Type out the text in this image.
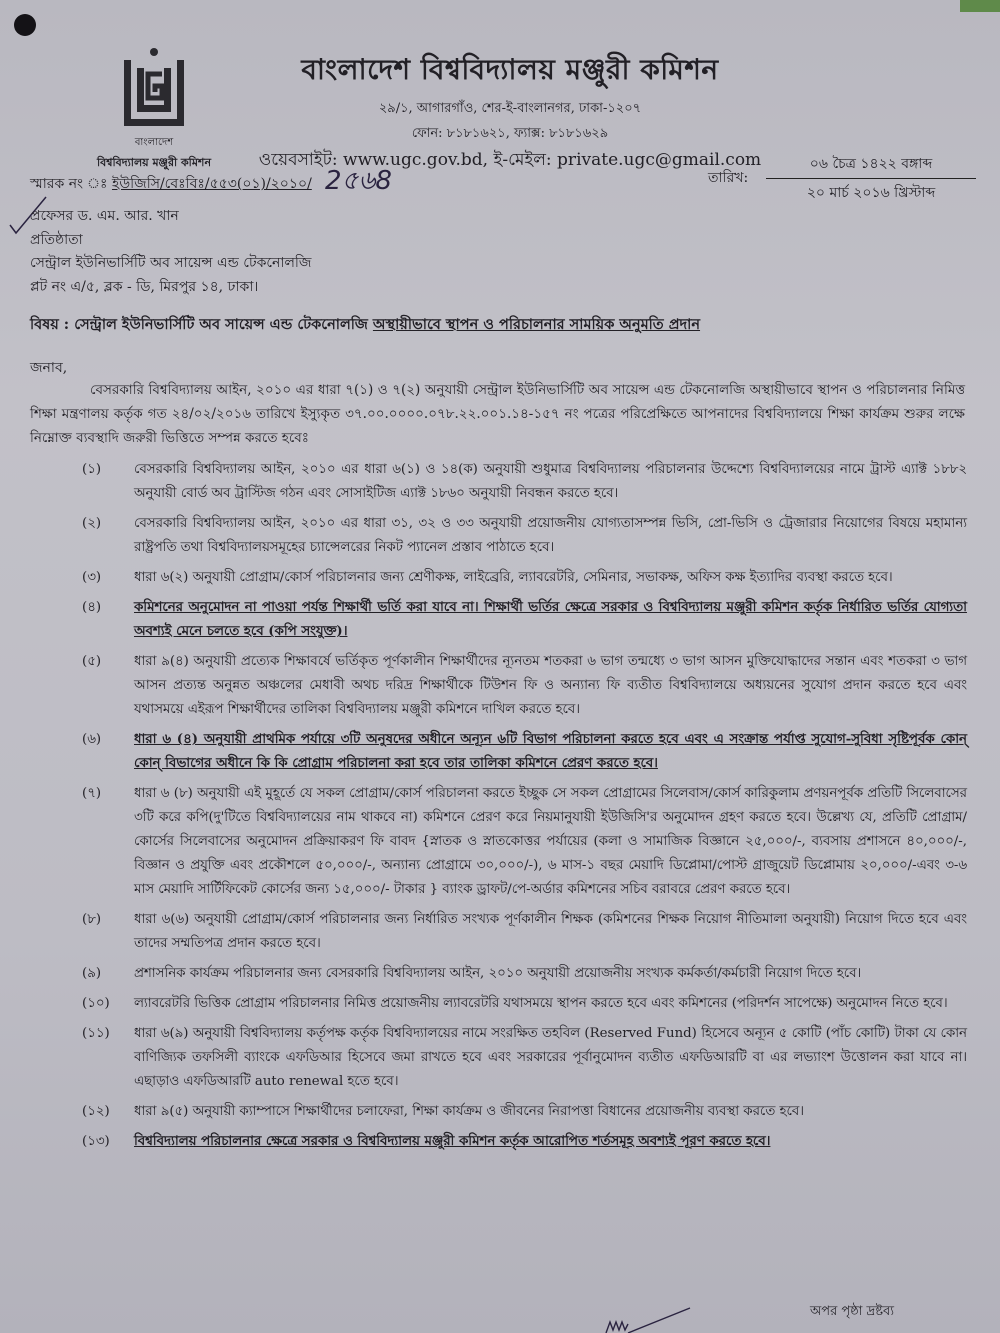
বাংলাদেশ
বিশ্ববিদ্যালয় মঞ্জুরী কমিশন
বাংলাদেশ বিশ্ববিদ্যালয় মঞ্জুরী কমিশন
২৯/১, আগারগাঁও, শের-ই-বাংলানগর, ঢাকা-১২০৭
ফোন: ৮১৮১৬২১, ফ্যাক্স: ৮১৮১৬২৯
ওয়েবসাইট: www.ugc.gov.bd, ই-মেইল: private.ugc@gmail.com
তারিখ:
০৬ চৈত্র ১৪২২ বঙ্গাব্দ
২০ মার্চ ২০১৬ খ্রিস্টাব্দ
স্মারক নং ঃ ইউজিসি/বেঃবিঃ/৫৫৩(০১)/২০১০/ 2৫৬8
প্রফেসর ড. এম. আর. খান
প্রতিষ্ঠাতা
সেন্ট্রাল ইউনিভার্সিটি অব সায়েন্স এন্ড টেকনোলজি
প্লট নং এ/৫, ব্লক - ডি, মিরপুর ১৪, ঢাকা।
বিষয় : সেন্ট্রাল ইউনিভার্সিটি অব সায়েন্স এন্ড টেকনোলজি অস্থায়ীভাবে স্থাপন ও পরিচালনার সাময়িক অনুমতি প্রদান
জনাব,
বেসরকারি বিশ্ববিদ্যালয় আইন, ২০১০ এর ধারা ৭(১) ও ৭(২) অনুযায়ী সেন্ট্রাল ইউনিভার্সিটি অব সায়েন্স এন্ড টেকনোলজি অস্থায়ীভাবে স্থাপন ও পরিচালনার নিমিত্ত শিক্ষা মন্ত্রণালয় কর্তৃক গত ২৪/০২/২০১৬ তারিখে ইস্যুকৃত ৩৭.০০.০০০০.০৭৮.২২.০০১.১৪-১৫৭ নং পত্রের পরিপ্রেক্ষিতে আপনাদের বিশ্ববিদ্যালয়ে শিক্ষা কার্যক্রম শুরুর লক্ষে নিম্নোক্ত ব্যবস্থাদি জরুরী ভিত্তিতে সম্পন্ন করতে হবেঃ
(১) বেসরকারি বিশ্ববিদ্যালয় আইন, ২০১০ এর ধারা ৬(১) ও ১৪(ক) অনুযায়ী শুধুমাত্র বিশ্ববিদ্যালয় পরিচালনার উদ্দেশ্যে বিশ্ববিদ্যালয়ের নামে ট্রাস্ট এ্যাক্ট ১৮৮২ অনুযায়ী বোর্ড অব ট্রাস্টিজ গঠন এবং সোসাইটিজ এ্যাক্ট ১৮৬০ অনুযায়ী নিবন্ধন করতে হবে।
(২) বেসরকারি বিশ্ববিদ্যালয় আইন, ২০১০ এর ধারা ৩১, ৩২ ও ৩৩ অনুযায়ী প্রয়োজনীয় যোগ্যতাসম্পন্ন ভিসি, প্রো-ভিসি ও ট্রেজারার নিয়োগের বিষয়ে মহামান্য রাষ্ট্রপতি তথা বিশ্ববিদ্যালয়সমূহের চ্যান্সেলরের নিকট প্যানেল প্রস্তাব পাঠাতে হবে।
(৩) ধারা ৬(২) অনুযায়ী প্রোগ্রাম/কোর্স পরিচালনার জন্য শ্রেণীকক্ষ, লাইব্রেরি, ল্যাবরেটরি, সেমিনার, সভাকক্ষ, অফিস কক্ষ ইত্যাদির ব্যবস্থা করতে হবে।
(৪) কমিশনের অনুমোদন না পাওয়া পর্যন্ত শিক্ষার্থী ভর্তি করা যাবে না। শিক্ষার্থী ভর্তির ক্ষেত্রে সরকার ও বিশ্ববিদ্যালয় মঞ্জুরী কমিশন কর্তৃক নির্ধারিত ভর্তির যোগ্যতা অবশ্যই মেনে চলতে হবে (কপি সংযুক্ত)।
(৫) ধারা ৯(৪) অনুযায়ী প্রত্যেক শিক্ষাবর্ষে ভর্তিকৃত পূর্ণকালীন শিক্ষার্থীদের ন্যূনতম শতকরা ৬ ভাগ তন্মধ্যে ৩ ভাগ আসন মুক্তিযোদ্ধাদের সন্তান এবং শতকরা ৩ ভাগ আসন প্রত্যন্ত অনুন্নত অঞ্চলের মেধাবী অথচ দরিদ্র শিক্ষার্থীকে টিউশন ফি ও অন্যান্য ফি ব্যতীত বিশ্ববিদ্যালয়ে অধ্যয়নের সুযোগ প্রদান করতে হবে এবং যথাসময়ে এইরূপ শিক্ষার্থীদের তালিকা বিশ্ববিদ্যালয় মঞ্জুরী কমিশনে দাখিল করতে হবে।
(৬) ধারা ৬ (৪) অনুযায়ী প্রাথমিক পর্যায়ে ৩টি অনুষদের অধীনে অন্যূন ৬টি বিভাগ পরিচালনা করতে হবে এবং এ সংক্রান্ত পর্যাপ্ত সুযোগ-সুবিধা সৃষ্টিপূর্বক কোন্ কোন্ বিভাগের অধীনে কি কি প্রোগ্রাম পরিচালনা করা হবে তার তালিকা কমিশনে প্রেরণ করতে হবে।
(৭) ধারা ৬ (৮) অনুযায়ী এই মুহূর্তে যে সকল প্রোগ্রাম/কোর্স পরিচালনা করতে ইচ্ছুক সে সকল প্রোগ্রামের সিলেবাস/কোর্স কারিকুলাম প্রণয়নপূর্বক প্রতিটি সিলেবাসের ৩টি করে কপি(দু'টিতে বিশ্ববিদ্যালয়ের নাম থাকবে না) কমিশনে প্রেরণ করে নিয়মানুযায়ী ইউজিসি'র অনুমোদন গ্রহণ করতে হবে। উল্লেখ্য যে, প্রতিটি প্রোগ্রাম/কোর্সের সিলেবাসের অনুমোদন প্রক্রিয়াকরণ ফি বাবদ {স্নাতক ও স্নাতকোত্তর পর্যায়ের (কলা ও সামাজিক বিজ্ঞানে ২৫,০০০/-, ব্যবসায় প্রশাসনে ৪০,০০০/-, বিজ্ঞান ও প্রযুক্তি এবং প্রকৌশলে ৫০,০০০/-, অন্যান্য প্রোগ্রামে ৩০,০০০/-), ৬ মাস-১ বছর মেয়াদি ডিপ্লোমা/পোস্ট গ্রাজুয়েট ডিপ্লোমায় ২০,০০০/-এবং ৩-৬ মাস মেয়াদি সার্টিফিকেট কোর্সের জন্য ১৫,০০০/- টাকার } ব্যাংক ড্রাফট/পে-অর্ডার কমিশনের সচিব বরাবরে প্রেরণ করতে হবে।
(৮) ধারা ৬(৬) অনুযায়ী প্রোগ্রাম/কোর্স পরিচালনার জন্য নির্ধারিত সংখ্যক পূর্ণকালীন শিক্ষক (কমিশনের শিক্ষক নিয়োগ নীতিমালা অনুযায়ী) নিয়োগ দিতে হবে এবং তাদের সম্মতিপত্র প্রদান করতে হবে।
(৯) প্রশাসনিক কার্যক্রম পরিচালনার জন্য বেসরকারি বিশ্ববিদ্যালয় আইন, ২০১০ অনুযায়ী প্রয়োজনীয় সংখ্যক কর্মকর্তা/কর্মচারী নিয়োগ দিতে হবে।
(১০) ল্যাবরেটরি ভিত্তিক প্রোগ্রাম পরিচালনার নিমিত্ত প্রয়োজনীয় ল্যাবরেটরি যথাসময়ে স্থাপন করতে হবে এবং কমিশনের (পরিদর্শন সাপেক্ষে) অনুমোদন নিতে হবে।
(১১) ধারা ৬(৯) অনুযায়ী বিশ্ববিদ্যালয় কর্তৃপক্ষ কর্তৃক বিশ্ববিদ্যালয়ের নামে সংরক্ষিত তহবিল (Reserved Fund) হিসেবে অন্যূন ৫ কোটি (পাঁচ কোটি) টাকা যে কোন বাণিজ্যিক তফসিলী ব্যাংকে এফডিআর হিসেবে জমা রাখতে হবে এবং সরকারের পূর্বানুমোদন ব্যতীত এফডিআরটি বা এর লভ্যাংশ উত্তোলন করা যাবে না। এছাড়াও এফডিআরটি auto renewal হতে হবে।
(১২) ধারা ৯(৫) অনুযায়ী ক্যাম্পাসে শিক্ষার্থীদের চলাফেরা, শিক্ষা কার্যক্রম ও জীবনের নিরাপত্তা বিধানের প্রয়োজনীয় ব্যবস্থা করতে হবে।
(১৩) বিশ্ববিদ্যালয় পরিচালনার ক্ষেত্রে সরকার ও বিশ্ববিদ্যালয় মঞ্জুরী কমিশন কর্তৃক আরোপিত শর্তসমূহ অবশ্যই পূরণ করতে হবে।
অপর পৃষ্ঠা দ্রষ্টব্য
